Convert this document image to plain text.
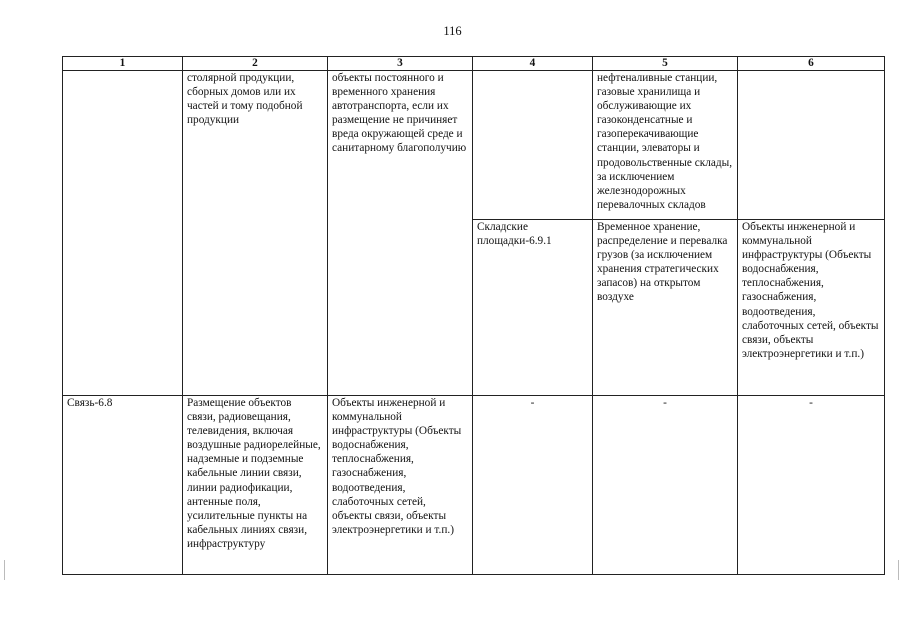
116
1	2	3	4	5	6
	столярной продукции, сборных домов или их частей и тому подобной продукции	объекты постоянного и временного хранения автотранспорта, если их размещение не причиняет вреда окружающей среде и санитарному благополучию		нефтеналивные станции, газовые хранилища и обслуживающие их газоконденсатные и газоперекачивающие станции, элеваторы и продовольственные склады, за исключением железнодорожных перевалочных складов	
			Складские площадки-6.9.1	Временное хранение, распределение и перевалка грузов (за исключением хранения стратегических запасов) на открытом воздухе	Объекты инженерной и коммунальной инфраструктуры (Объекты водоснабжения, теплоснабжения, газоснабжения, водоотведения, слаботочных сетей, объекты связи, объекты электроэнергетики и т.п.)
Связь-6.8	Размещение объектов связи, радиовещания, телевидения, включая воздушные радиорелейные, надземные и подземные кабельные линии связи, линии радиофикации, антенные поля, усилительные пункты на кабельных линиях связи, инфраструктуру	Объекты инженерной и коммунальной инфраструктуры (Объекты водоснабжения, теплоснабжения, газоснабжения, водоотведения, слаботочных сетей, объекты связи, объекты электроэнергетики и т.п.)	-	-	-
